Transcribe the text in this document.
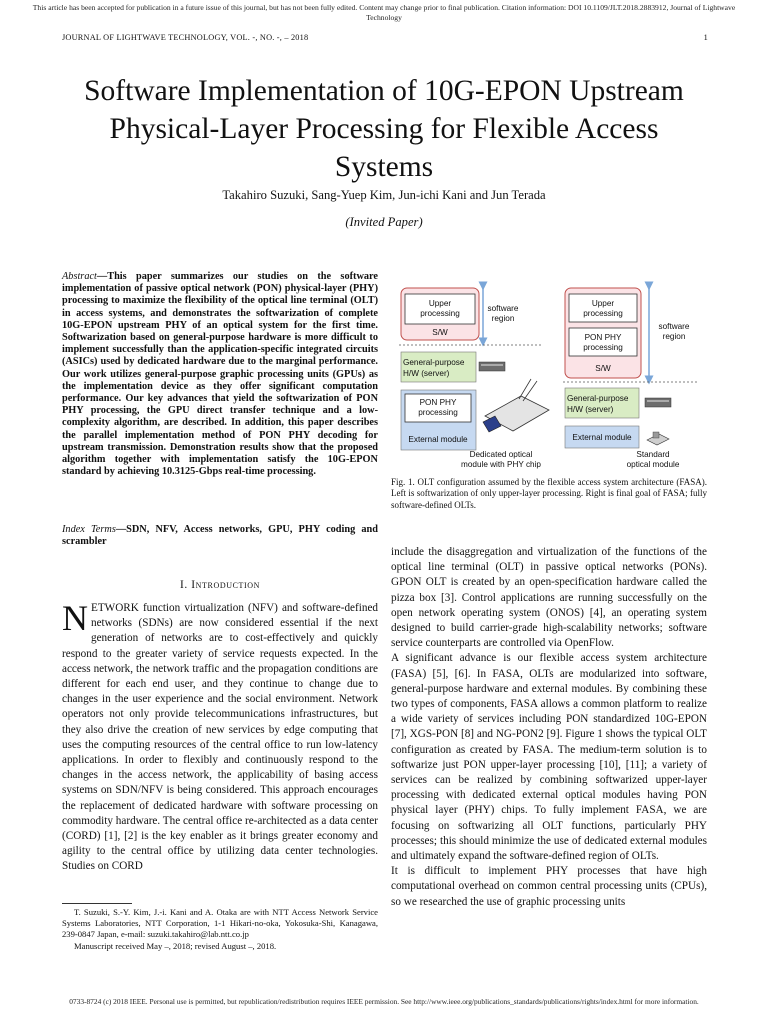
This article has been accepted for publication in a future issue of this journal, but has not been fully edited. Content may change prior to final publication. Citation information: DOI 10.1109/JLT.2018.2883912, Journal of Lightwave Technology
JOURNAL OF LIGHTWAVE TECHNOLOGY, VOL. -, NO. -, – 2018	1
Software Implementation of 10G-EPON Upstream Physical-Layer Processing for Flexible Access Systems
Takahiro Suzuki, Sang-Yuep Kim, Jun-ichi Kani and Jun Terada
(Invited Paper)
Abstract—This paper summarizes our studies on the software implementation of passive optical network (PON) physical-layer (PHY) processing to maximize the flexibility of the optical line terminal (OLT) in access systems, and demonstrates the softwarization of complete 10G-EPON upstream PHY of an optical system for the first time. Softwarization based on general-purpose hardware is more difficult to implement successfully than the application-specific integrated circuits (ASICs) used by dedicated hardware due to the marginal performance. Our work utilizes general-purpose graphic processing units (GPUs) as the implementation device as they offer significant computation performance. Our key advances that yield the softwarization of PON PHY processing, the GPU direct transfer technique and a low-complexity algorithm, are described. In addition, this paper describes the parallel implementation method of PON PHY decoding for upstream transmission. Demonstration results show that the proposed algorithm together with implementation satisfy the 10G-EPON standard by achieving 10.3125-Gbps real-time processing.
Index Terms—SDN, NFV, Access networks, GPU, PHY coding and scrambler
I. Introduction

NETWORK function virtualization (NFV) and software-defined networks (SDNs) are now considered essential if the next generation of networks are to cost-effectively and quickly respond to the greater variety of service requests expected. In the access network, the network traffic and the propagation conditions are different for each end user, and they continue to change due to changes in the user experience and the social environment. Network operators not only provide telecommunications infrastructures, but they also drive the creation of new services by edge computing that uses the computing resources of the central office to run low-latency applications. In order to flexibly and continuously respond to the changes in the access network, the applicability of basing access systems on SDN/NFV is being considered. This approach encourages the replacement of dedicated hardware with software processing on commodity hardware. The central office re-architected as a data center (CORD) [1], [2] is the key enabler as it brings greater economy and agility to the central office by utilizing data center technologies. Studies on CORD

T. Suzuki, S.-Y. Kim, J.-i. Kani and A. Otaka are with NTT Access Network Service Systems Laboratories, NTT Corporation, 1-1 Hikari-no-oka, Yokosuka-Shi, Kanagawa, 239-0847 Japan, e-mail: suzuki.takahiro@lab.ntt.co.jp

Manuscript received May –, 2018; revised August –, 2018.

Upper
processing
S/W
software
region
General-purpose
H/W (server)
PON PHY
processing
External module
Dedicated optical
module with PHY chip
Upper
processing
PON PHY
processing
S/W
software
region
General-purpose
H/W (server)
External module
Standard
optical module
Fig. 1. OLT configuration assumed by the flexible access system architecture (FASA). Left is softwarization of only upper-layer processing. Right is final goal of FASA; fully software-defined OLTs.

include the disaggregation and virtualization of the functions of the optical line terminal (OLT) in passive optical networks (PONs). GPON OLT is created by an open-specification hardware called the pizza box [3]. Control applications are running successfully on the open network operating system (ONOS) [4], an operating system designed to build carrier-grade high-scalability networks; software service counterparts are controlled via OpenFlow.

A significant advance is our flexible access system architecture (FASA) [5], [6]. In FASA, OLTs are modularized into software, general-purpose hardware and external modules. By combining these two types of components, FASA allows a common platform to realize a wide variety of services including PON standardized 10G-EPON [7], XGS-PON [8] and NG-PON2 [9]. Figure 1 shows the typical OLT configuration as created by FASA. The medium-term solution is to softwarize just PON upper-layer processing [10], [11]; a variety of services can be realized by combining softwarized upper-layer processing with dedicated external optical modules having PON physical layer (PHY) chips. To fully implement FASA, we are focusing on softwarizing all OLT functions, particularly PHY processes; this should minimize the use of dedicated external modules and ultimately expand the software-defined region of OLTs.

It is difficult to implement PHY processes that have high computational overhead on common central processing units (CPUs), so we researched the use of graphic processing units

0733-8724 (c) 2018 IEEE. Personal use is permitted, but republication/redistribution requires IEEE permission. See http://www.ieee.org/publications_standards/publications/rights/index.html for more information.
